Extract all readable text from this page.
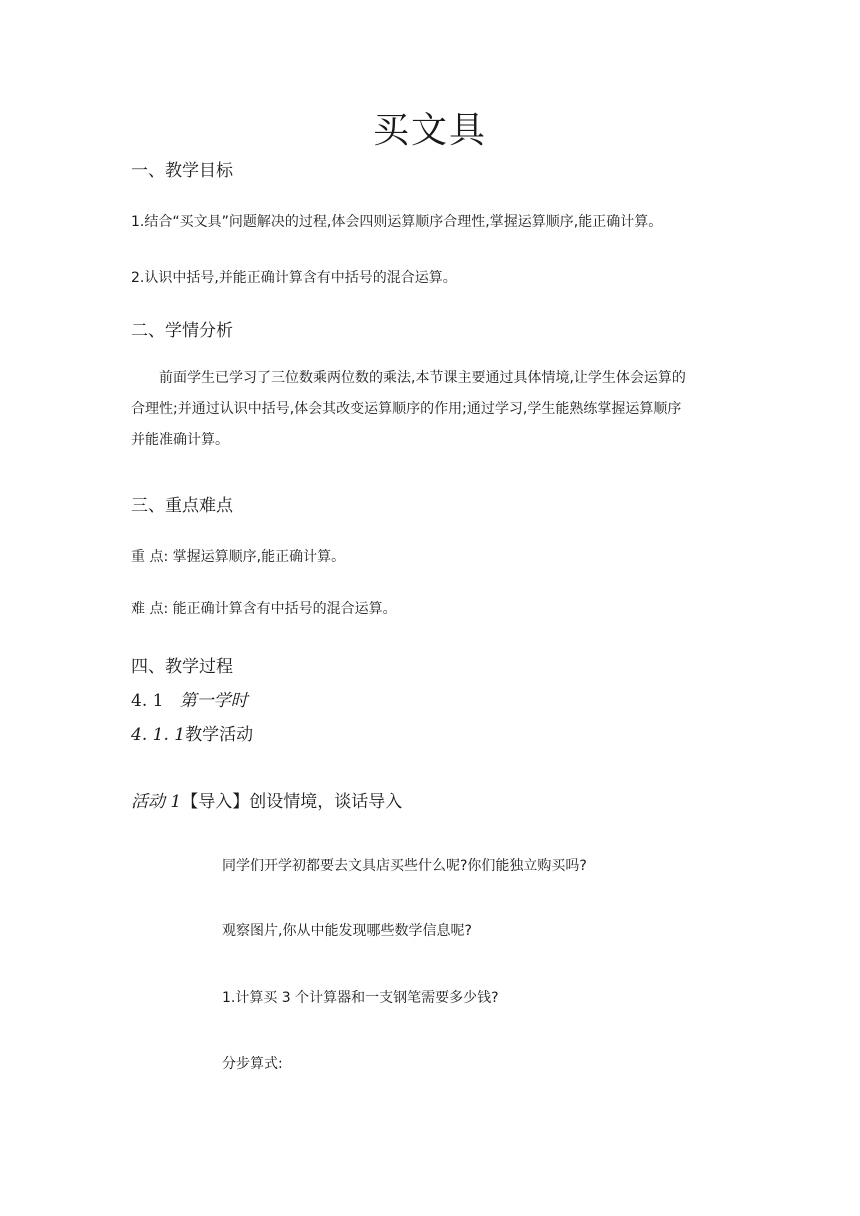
买文具
一、教学目标
1.结合“买文具”问题解决的过程,体会四则运算顺序合理性,掌握运算顺序,能正确计算。
2.认识中括号,并能正确计算含有中括号的混合运算。
二、学情分析
前面学生已学习了三位数乘两位数的乘法,本节课主要通过具体情境,让学生体会运算的
合理性;并通过认识中括号,体会其改变运算顺序的作用;通过学习,学生能熟练掌握运算顺序
并能准确计算。
三、重点难点
重 点: 掌握运算顺序,能正确计算。
难 点: 能正确计算含有中括号的混合运算。
四、教学过程
4. 1 第一学时
4. 1. 1教学活动
活动 1【导入】创设情境，谈话导入
同学们开学初都要去文具店买些什么呢?你们能独立购买吗?
观察图片,你从中能发现哪些数学信息呢?
1.计算买 3 个计算器和一支钢笔需要多少钱?
分步算式:
